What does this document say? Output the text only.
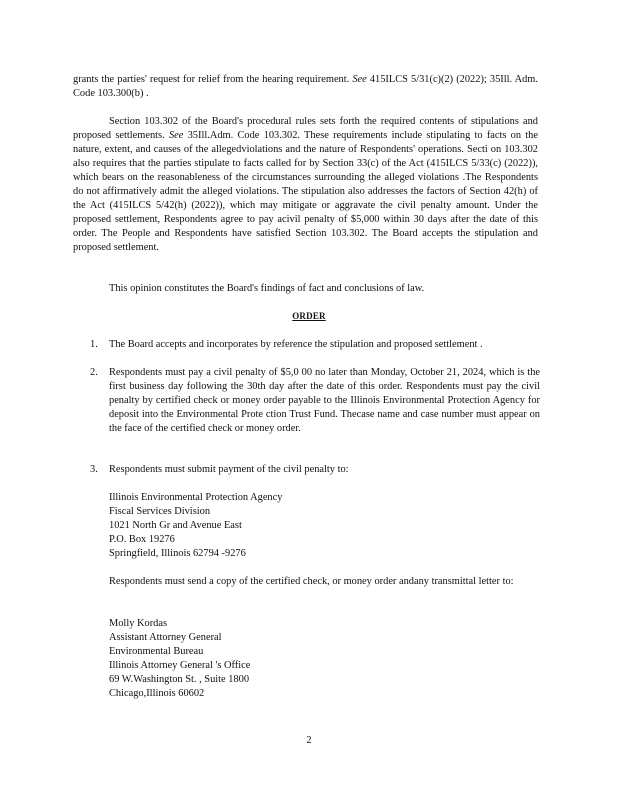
grants the parties' request for relief from the hearing requirement. See 415ILCS 5/31(c)(2) (2022); 35Ill. Adm. Code 103.300(b) .

Section 103.302 of the Board's procedural rules sets forth the required contents of stipulations and proposed settlements. See 35Ill.Adm. Code 103.302. These requirements include stipulating to facts on the nature, extent, and causes of the allegedviolations and the nature of Respondents' operations. Secti on 103.302 also requires that the parties stipulate to facts called for by Section 33(c) of the Act (415ILCS 5/33(c) (2022)), which bears on the reasonableness of the circumstances surrounding the alleged violations .The Respondents do not affirmatively admit the alleged violations. The stipulation also addresses the factors of Section 42(h) of the Act (415ILCS 5/42(h) (2022)), which may mitigate or aggravate the civil penalty amount. Under the proposed settlement, Respondents agree to pay acivil penalty of $5,000 within 30 days after the date of this order. The People and Respondents have satisfied Section 103.302. The Board accepts the stipulation and proposed settlement.

This opinion constitutes the Board's findings of fact and conclusions of law.

ORDER
1.	The Board accepts and incorporates by reference the stipulation and proposed settlement .
2.	Respondents must pay a civil penalty of $5,0 00 no later than Monday, October 21, 2024, which is the first business day following the 30th day after the date of this order. Respondents must pay the civil penalty by certified check or money order payable to the Illinois Environmental Protection Agency for deposit into the Environmental Prote ction Trust Fund. Thecase name and case number must appear on the face of the certified check or money order.
3.	Respondents must submit payment of the civil penalty to:
Illinois Environmental Protection Agency
Fiscal Services Division
1021 North Gr and Avenue East
P.O. Box 19276
Springfield, Illinois 62794 -9276

Respondents must send a copy of the certified check, or money order andany transmittal letter to:

Molly Kordas
Assistant Attorney General
Environmental Bureau
Illinois Attorney General 's Office
69 W.Washington St. , Suite 1800
Chicago,Illinois 60602
2
